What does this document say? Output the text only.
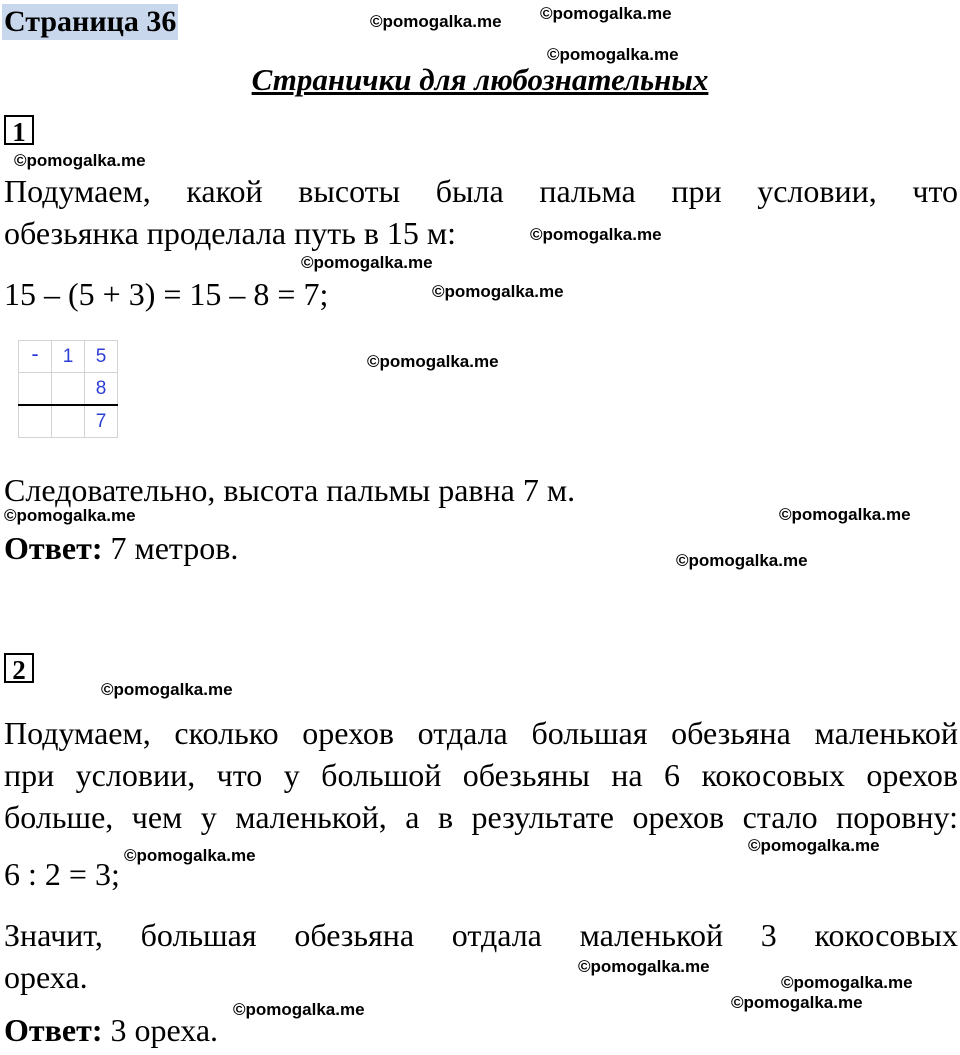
Страница 36
Странички для любознательных
1
Подумаем, какой высоты была пальма при условии, что
обезьянка проделала путь в 15 м:
15 – (5 + 3) = 15 – 8 = 7;
-	1	5
		8
		7
Следовательно, высота пальмы равна 7 м.
Ответ: 7 метров.
2
Подумаем, сколько орехов отдала большая обезьяна маленькой
при условии, что у большой обезьяны на 6 кокосовых орехов
больше, чем у маленькой, а в результате орехов стало поровну:
6 : 2 = 3;
Значит, большая обезьяна отдала маленькой 3 кокосовых
ореха.
Ответ: 3 ореха.
©pomogalka.me ©pomogalka.me
©pomogalka.me
©pomogalka.me
©pomogalka.me
©pomogalka.me
©pomogalka.me
©pomogalka.me
©pomogalka.me	©pomogalka.me
©pomogalka.me
©pomogalka.me
©pomogalka.me
©pomogalka.me
©pomogalka.me
©pomogalka.me
©pomogalka.me
©pomogalka.me
